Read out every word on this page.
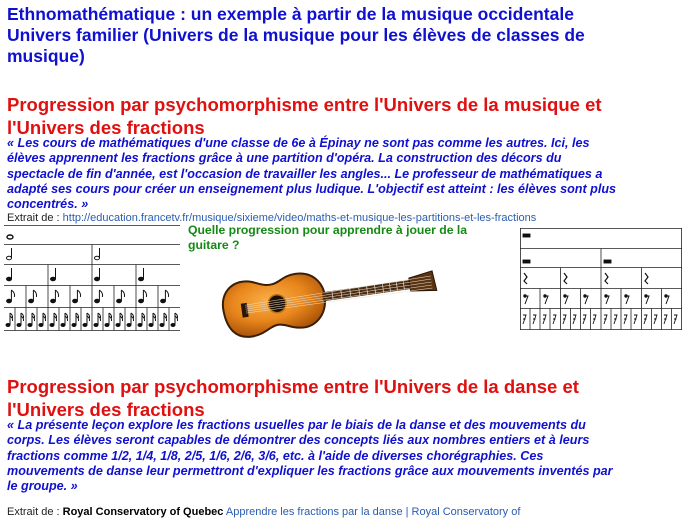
Ethnomathématique : un exemple à partir de la musique occidentale
Univers familier (Univers de la musique pour les élèves de classes de
musique)
Progression par psychomorphisme entre l'Univers de la musique et
l'Univers des fractions
« Les cours de mathématiques d'une classe de 6e à Épinay ne sont pas comme les autres. Ici, les
élèves apprennent les fractions grâce à une partition d'opéra. La construction des décors du
spectacle de fin d'année, est l'occasion de travailler les angles... Le professeur de mathématiques a
adapté ses cours pour créer un enseignement plus ludique. L'objectif est atteint : les élèves sont plus
concentrés. »
Extrait de : http://education.francetv.fr/musique/sixieme/video/maths-et-musique-les-partitions-et-les-fractions
Quelle progression pour apprendre à jouer de la
guitare ?
Progression par psychomorphisme entre l'Univers de la danse et
l'Univers des fractions
« La présente leçon explore les fractions usuelles par le biais de la danse et des mouvements du
corps. Les élèves seront capables de démontrer des concepts liés aux nombres entiers et à leurs
fractions comme 1/2, 1/4, 1/8, 2/5, 1/6, 2/6, 3/6, etc. à l'aide de diverses chorégraphies. Ces
mouvements de danse leur permettront d'expliquer les fractions grâce aux mouvements inventés par
le groupe. »
Extrait de : Royal Conservatory of Quebec Apprendre les fractions par la danse | Royal Conservatory of
